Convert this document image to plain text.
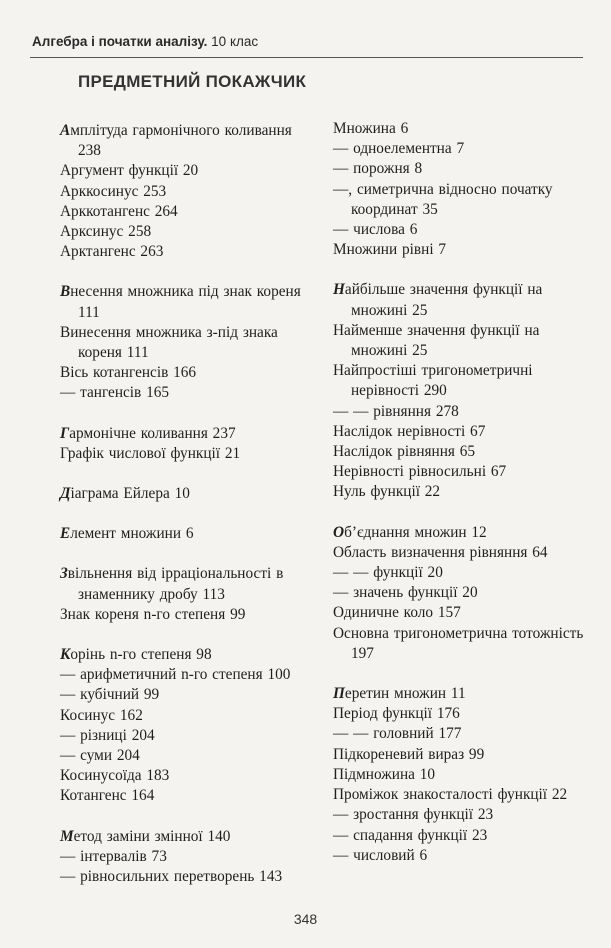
Алгебра і початки аналізу. 10 клас
ПРЕДМЕТНИЙ ПОКАЖЧИК
Амплітуда гармонічного коливання 238
Аргумент функції 20
Арккосинус 253
Арккотангенс 264
Арксинус 258
Арктангенс 263
Внесення множника під знак кореня 111
Винесення множника з-під знака кореня 111
Вісь котангенсів 166
— тангенсів 165
Гармонічне коливання 237
Графік числової функції 21
Діаграма Ейлера 10
Елемент множини 6
Звільнення від ірраціональності в знаменнику дробу 113
Знак кореня n-го степеня 99
Корінь n-го степеня 98
— арифметичний n-го степеня 100
— кубічний 99
Косинус 162
— різниці 204
— суми 204
Косинусоїда 183
Котангенс 164
Метод заміни змінної 140
— інтервалів 73
— рівносильних перетворень 143
Множина 6
— одноелементна 7
— порожня 8
—, симетрична відносно початку координат 35
— числова 6
Множини рівні 7
Найбільше значення функції на множині 25
Найменше значення функції на множині 25
Найпростіші тригонометричні нерівності 290
— — рівняння 278
Наслідок нерівності 67
Наслідок рівняння 65
Нерівності рівносильні 67
Нуль функції 22
Об’єднання множин 12
Область визначення рівняння 64
— — функції 20
— значень функції 20
Одиничне коло 157
Основна тригонометрична тотожність 197
Перетин множин 11
Період функції 176
— — головний 177
Підкореневий вираз 99
Підмножина 10
Проміжок знакосталості функції 22
— зростання функції 23
— спадання функції 23
— числовий 6
348
